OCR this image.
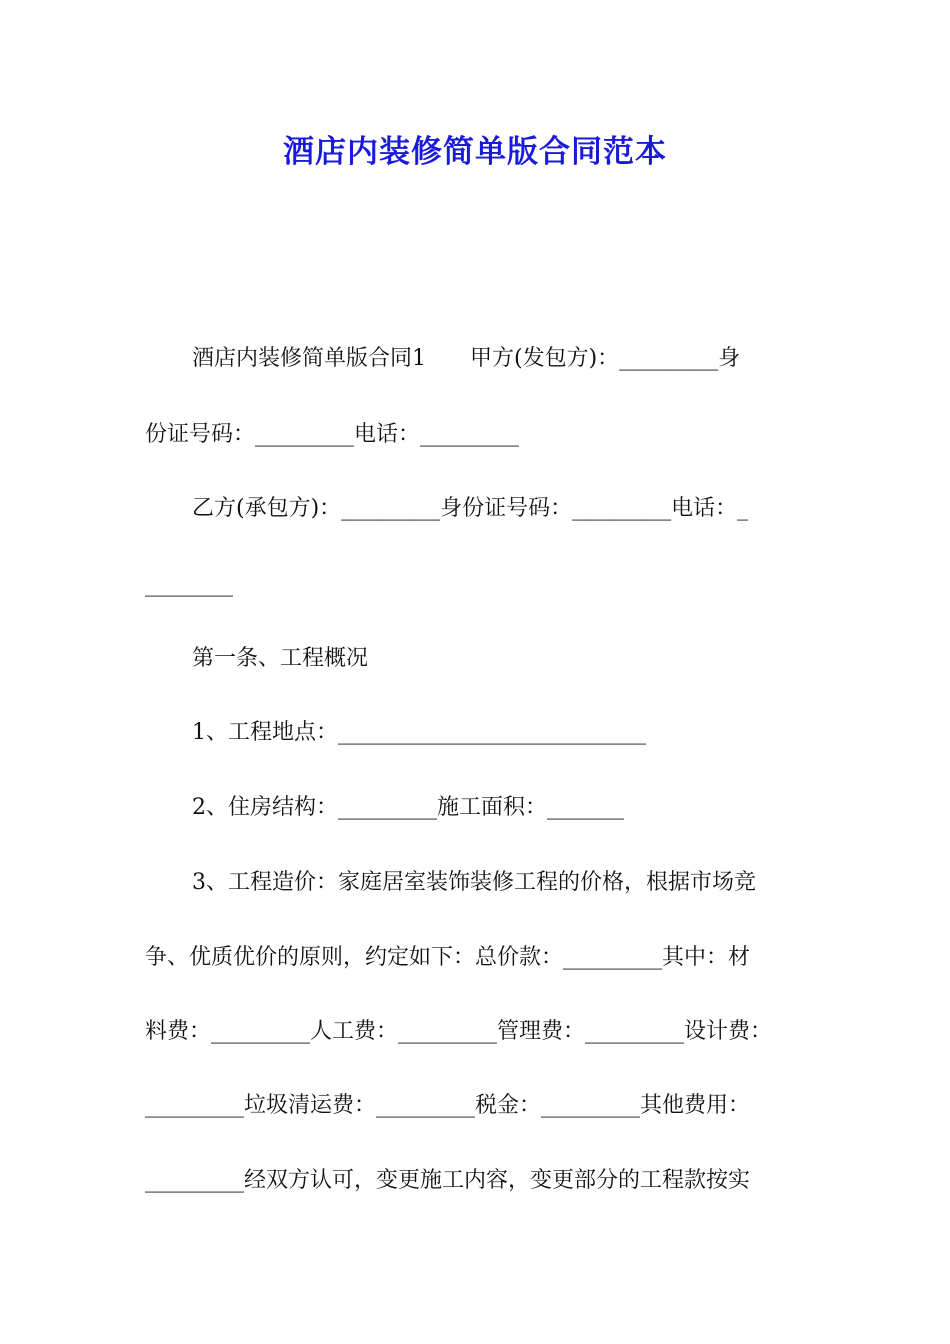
酒店内装修简单版合同范本
酒店内装修简单版合同1　　甲方(发包方)：_________身
份证号码：_________电话：_________
乙方(承包方)：_________身份证号码：_________电话：_
________
第一条、工程概况
1、工程地点：____________________________
2、住房结构：_________施工面积：_______
3、工程造价：家庭居室装饰装修工程的价格，根据市场竞
争、优质优价的原则，约定如下：总价款：_________其中：材
料费：_________人工费：_________管理费：_________设计费：
_________垃圾清运费：_________税金：_________其他费用：
_________经双方认可，变更施工内容，变更部分的工程款按实
